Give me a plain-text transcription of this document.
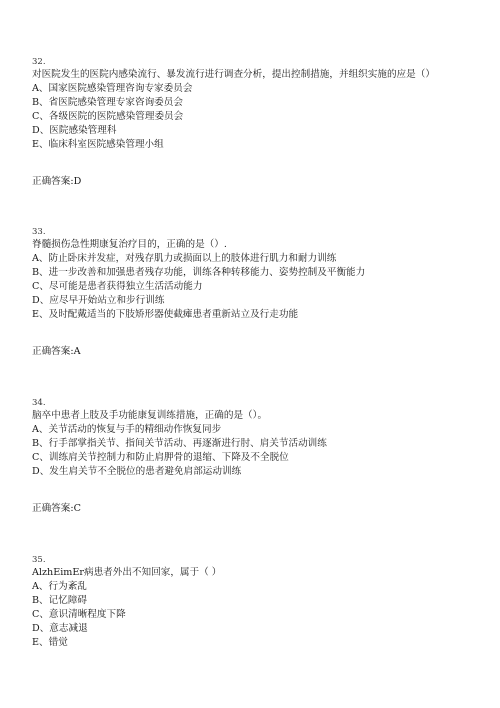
32.
对医院发生的医院内感染流行、暴发流行进行调查分析，提出控制措施，并组织实施的应是（）
A、国家医院感染管理咨询专家委员会
B、省医院感染管理专家咨询委员会
C、各级医院的医院感染管理委员会
D、医院感染管理科
E、临床科室医院感染管理小组
正确答案:D
33.
脊髓损伤急性期康复治疗目的，正确的是（）.
A、防止卧床并发症，对残存肌力或损面以上的肢体进行肌力和耐力训练
B、进一步改善和加强患者残存功能，训练各种转移能力、姿势控制及平衡能力
C、尽可能是患者获得独立生活活动能力
D、应尽早开始站立和步行训练
E、及时配戴适当的下肢矫形器使截瘫患者重新站立及行走功能
正确答案:A
34.
脑卒中患者上肢及手功能康复训练措施，正确的是（）。
A、关节活动的恢复与手的精细动作恢复同步
B、行手部掌指关节、指间关节活动、再逐渐进行肘、肩关节活动训练
C、训练肩关节控制力和防止肩胛骨的退缩、下降及不全脱位
D、发生肩关节不全脱位的患者避免肩部运动训练
正确答案:C
35.
AlzhEimEr病患者外出不知回家，属于（ ）
A、行为紊乱
B、记忆障碍
C、意识清晰程度下降
D、意志减退
E、错觉
